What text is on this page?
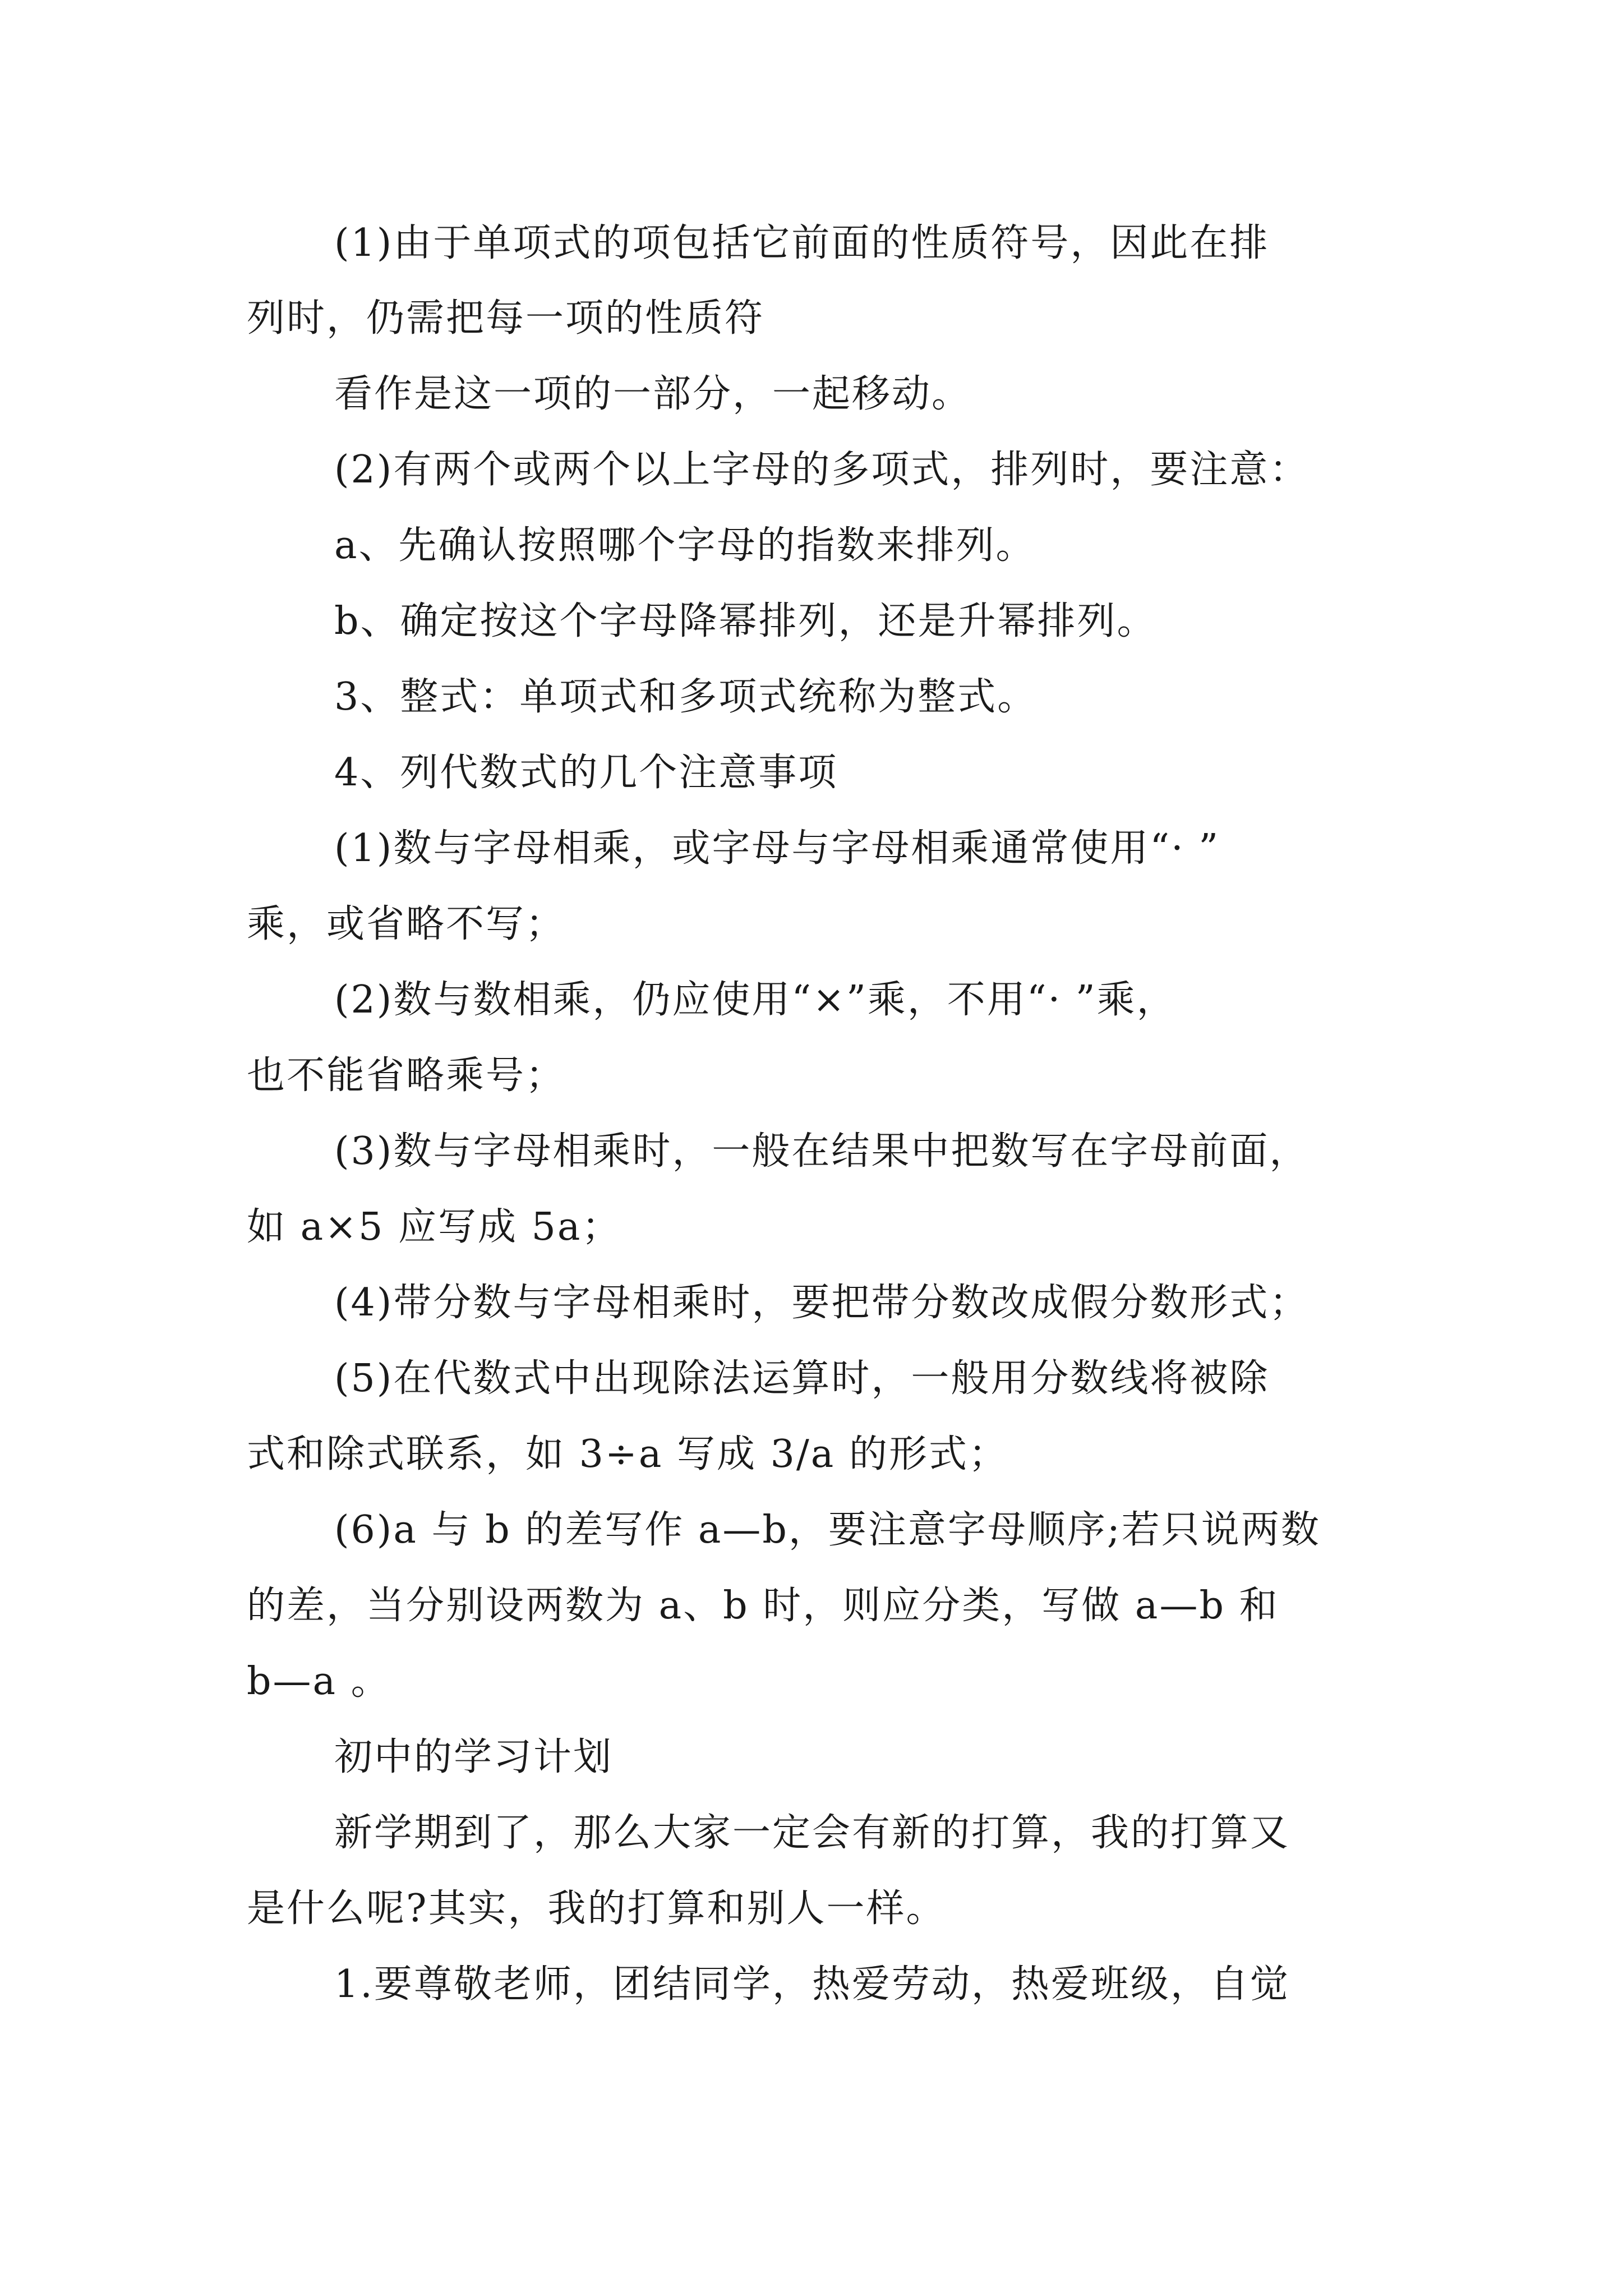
(1)由于单项式的项包括它前面的性质符号，因此在排
列时，仍需把每一项的性质符
看作是这一项的一部分，一起移动。
(2)有两个或两个以上字母的多项式，排列时，要注意：
a、先确认按照哪个字母的指数来排列。
b、确定按这个字母降幂排列，还是升幂排列。
3、整式：单项式和多项式统称为整式。
4、列代数式的几个注意事项
(1)数与字母相乘，或字母与字母相乘通常使用“· ”
乘，或省略不写；
(2)数与数相乘，仍应使用“×”乘，不用“· ”乘，
也不能省略乘号；
(3)数与字母相乘时，一般在结果中把数写在字母前面，
如 a×5 应写成 5a；
(4)带分数与字母相乘时，要把带分数改成假分数形式；
(5)在代数式中出现除法运算时，一般用分数线将被除
式和除式联系，如 3÷a 写成 3/a 的形式；
(6)a 与 b 的差写作 a—b，要注意字母顺序;若只说两数
的差，当分别设两数为 a、b 时，则应分类，写做 a—b 和
b—a 。
初中的学习计划
新学期到了，那么大家一定会有新的打算，我的打算又
是什么呢?其实，我的打算和别人一样。
1.要尊敬老师，团结同学，热爱劳动，热爱班级，自觉
